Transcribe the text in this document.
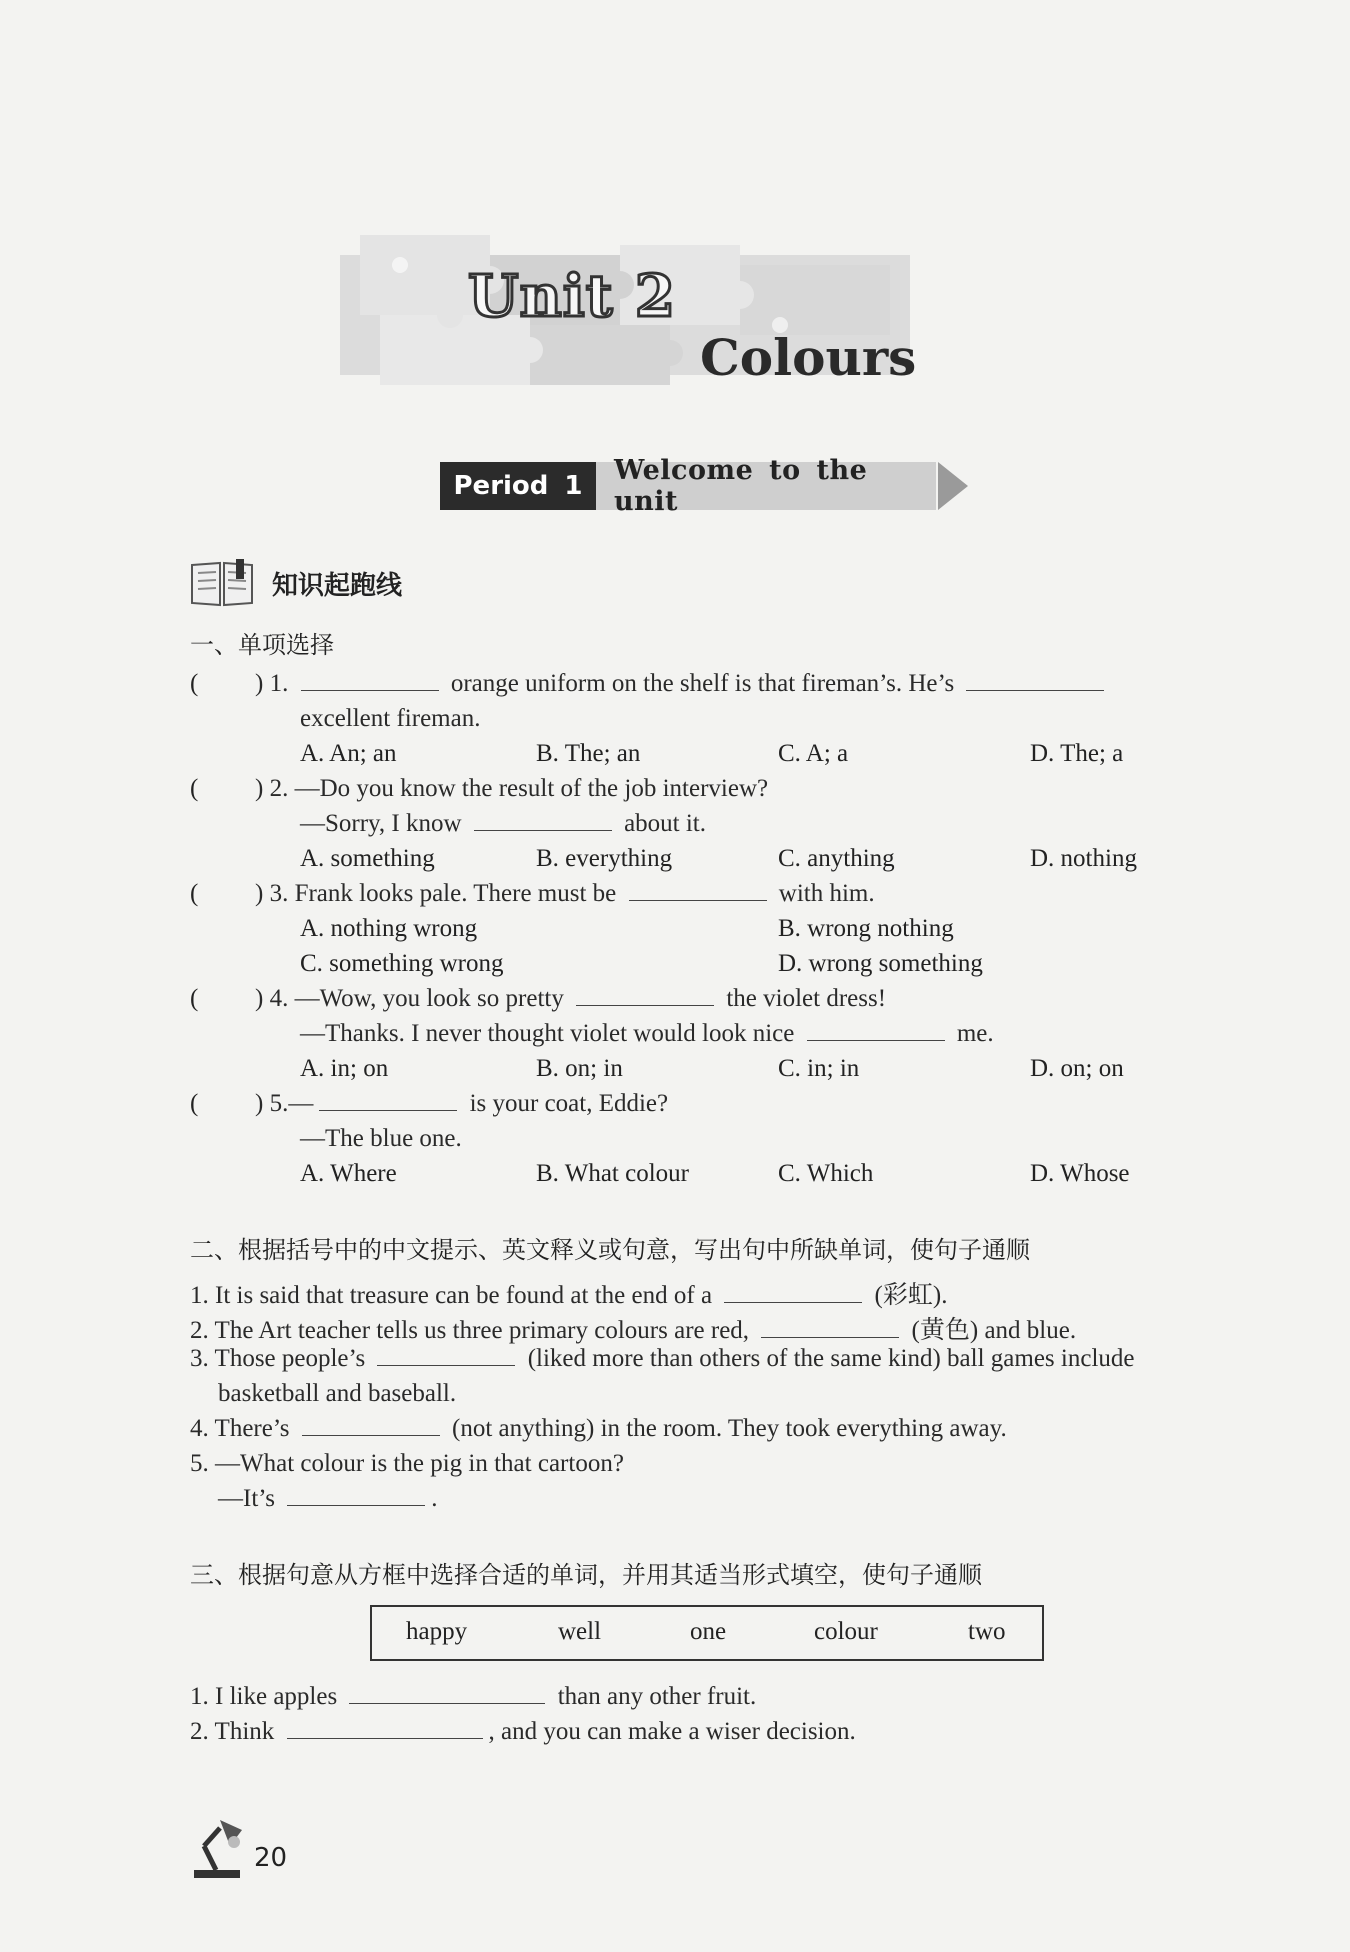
Unit 2
Colours
Period 1	Welcome to the unit
知识起跑线
一、单项选择
( ) 1.	orange uniform on the shelf is that fireman’s. He’s
excellent fireman.
A. An; an	B. The; an	C. A; a	D. The; a
( ) 2. —Do you know the result of the job interview?
—Sorry, I know	about it.
A. something	B. everything	C. anything	D. nothing
( ) 3. Frank looks pale. There must be	with him.
A. nothing wrong	B. wrong nothing
C. something wrong	D. wrong something
( ) 4. —Wow, you look so pretty	the violet dress!
—Thanks. I never thought violet would look nice	me.
A. in; on	B. on; in	C. in; in	D. on; on
( ) 5.—	is your coat, Eddie?
—The blue one.
A. Where	B. What colour	C. Which	D. Whose
二、根据括号中的中文提示、英文释义或句意，写出句中所缺单词，使句子通顺
1. It is said that treasure can be found at the end of a	(彩虹).
2. The Art teacher tells us three primary colours are red,	(黄色) and blue.
3. Those people’s	(liked more than others of the same kind) ball games include
basketball and baseball.
4. There’s	(not anything) in the room. They took everything away.
5. —What colour is the pig in that cartoon?
—It’s	.
三、根据句意从方框中选择合适的单词，并用其适当形式填空，使句子通顺
happy	well	one	colour	two
1. I like apples	than any other fruit.
2. Think	, and you can make a wiser decision.
20
